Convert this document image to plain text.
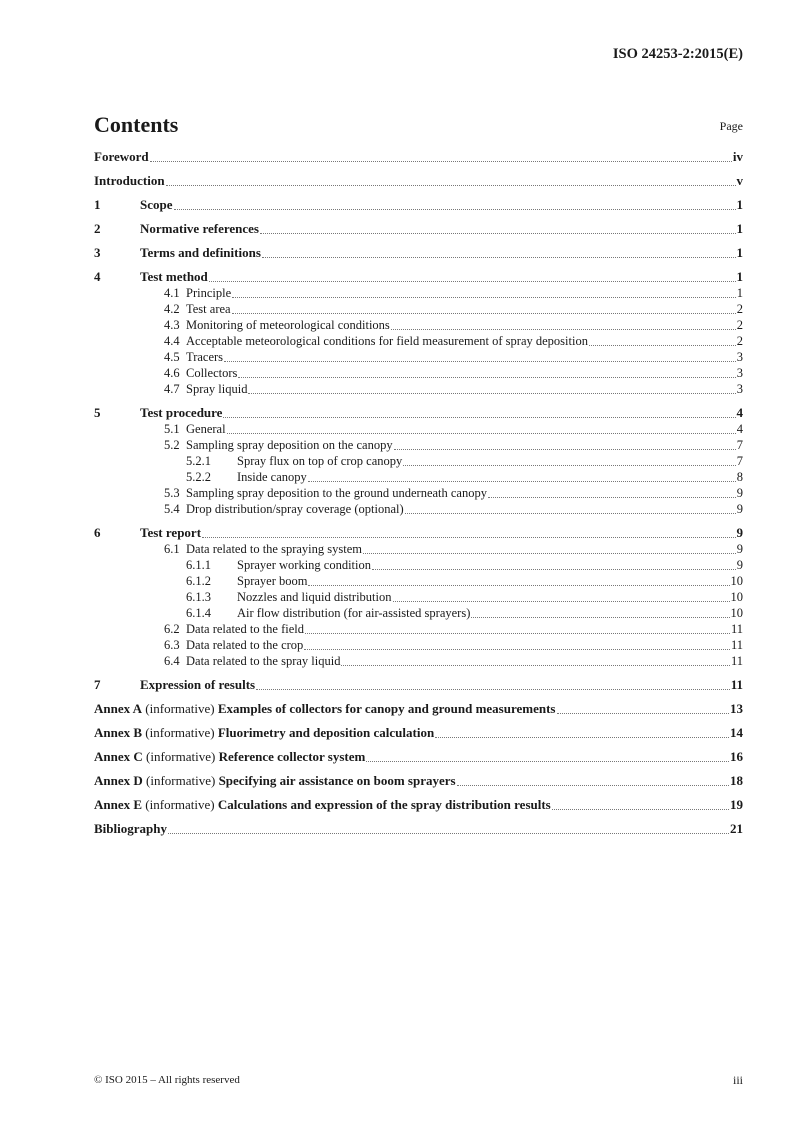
ISO 24253-2:2015(E)
Contents	Page
Foreword	iv
Introduction	v
1	Scope	1
2	Normative references	1
3	Terms and definitions	1
4	Test method	1
4.1 Principle	1
4.2 Test area	2
4.3 Monitoring of meteorological conditions	2
4.4 Acceptable meteorological conditions for field measurement of spray deposition	2
4.5 Tracers	3
4.6 Collectors	3
4.7 Spray liquid	3
5	Test procedure	4
5.1 General	4
5.2 Sampling spray deposition on the canopy	7
5.2.1	Spray flux on top of crop canopy	7
5.2.2	Inside canopy	8
5.3 Sampling spray deposition to the ground underneath canopy	9
5.4 Drop distribution/spray coverage (optional)	9
6	Test report	9
6.1 Data related to the spraying system	9
6.1.1	Sprayer working condition	9
6.1.2	Sprayer boom	10
6.1.3	Nozzles and liquid distribution	10
6.1.4	Air flow distribution (for air-assisted sprayers)	10
6.2 Data related to the field	11
6.3 Data related to the crop	11
6.4 Data related to the spray liquid	11
7	Expression of results	11
Annex A (informative) Examples of collectors for canopy and ground measurements	13
Annex B (informative) Fluorimetry and deposition calculation	14
Annex C (informative) Reference collector system	16
Annex D (informative) Specifying air assistance on boom sprayers	18
Annex E (informative) Calculations and expression of the spray distribution results	19
Bibliography	21
© ISO 2015 – All rights reserved	iii
